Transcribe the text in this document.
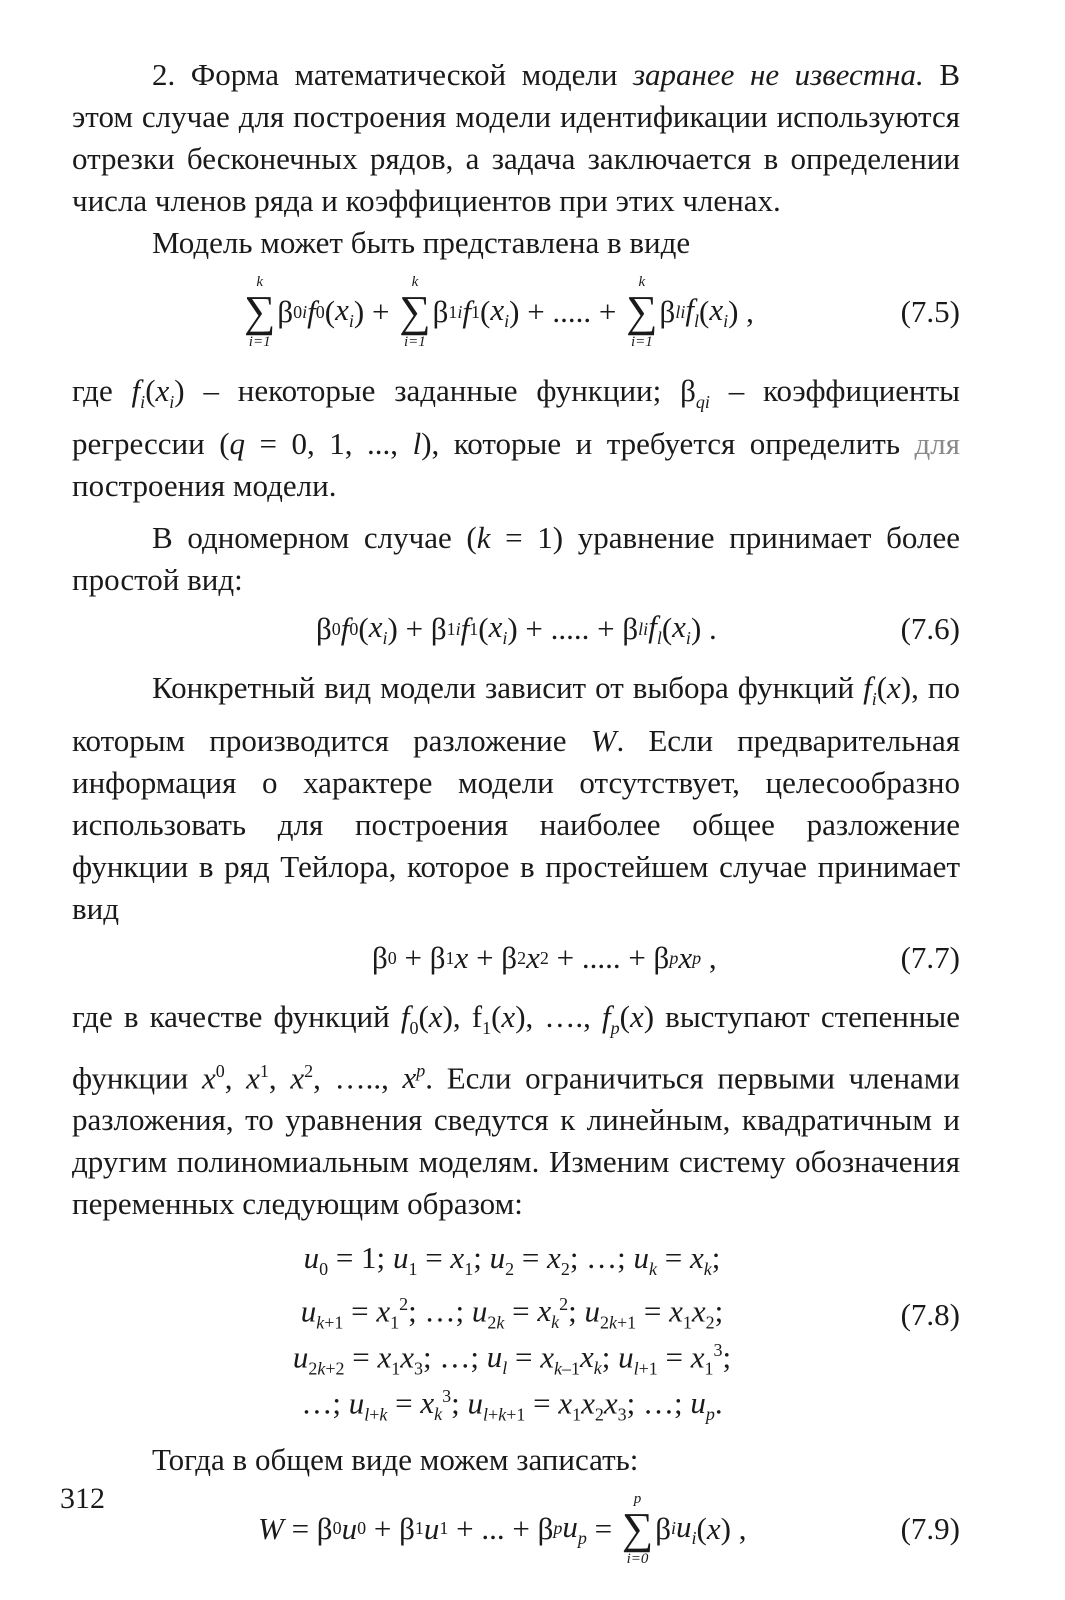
2. Форма математической модели заранее не известна. В этом случае для построения модели идентификации используются отрезки бесконечных рядов, а задача заключается в определении числа членов ряда и коэффициентов при этих членах.

Модель может быть представлена в виде

k
∑
i=1
β 0i f 0 ( $x_i$ ) +
k
∑
i=1
β 1i f 1 ( $x_i$ ) + ..... +
k
∑
i=1
β li $f_l$ ( $x_i$ ) ,	(7.5)

где $f_i(x_i)$ – некоторые заданные функции; $\beta_{qi}$ – коэффициенты регрессии (q = 0, 1, ..., l), которые и требуется определить для построения модели.

В одномерном случае (k = 1) уравнение принимает более простой вид:

β 0 f 0 ( $x_i$ ) + β 1i f 1 ( $x_i$ ) + ..... + β li $f_l$ ( $x_i$ ) .	(7.6)

Конкретный вид модели зависит от выбора функций $f_i(x)$, по которым производится разложение W. Если предварительная информация о характере модели отсутствует, целесообразно использовать для построения наиболее общее разложение функции в ряд Тейлора, которое в простейшем случае принимает вид

β 0 + β 1 x + β 2 x 2 + ..... + β p x p ,	(7.7)

где в качестве функций $f_0(x)$, $f_1(x)$, …., $f_p(x)$ выступают степенные функции $x^0$, $x^1$, $x^2$, ….., $x^p$. Если ограничиться первыми членами разложения, то уравнения сведутся к линейным, квадратичным и другим полиномиальным моделям. Изменим систему обозначения переменных следующим образом:

$u_0 = 1$; $u_1 = x_1$; $u_2 = x_2$; …; $u_k = x_k$;
$u_{k+1} = x_1^2$; …; $u_{2k} = x_k^2$; $u_{2k+1} = x_1x_2$;
$u_{2k+2} = x_1x_3$; …; $u_l = x_{k-1}x_k$; $u_{l+1} = x_1^3$;
…; $u_{l+k} = x_k^3$; $u_{l+k+1} = x_1x_2x_3$; …; $u_p$.
(7.8)

Тогда в общем виде можем записать:

W = β 0 u 0 + β 1 u 1 + ... + β p $u_p$ =
p
∑
i=0
β i $u_i$ ( x ) ,	(7.9)
312
